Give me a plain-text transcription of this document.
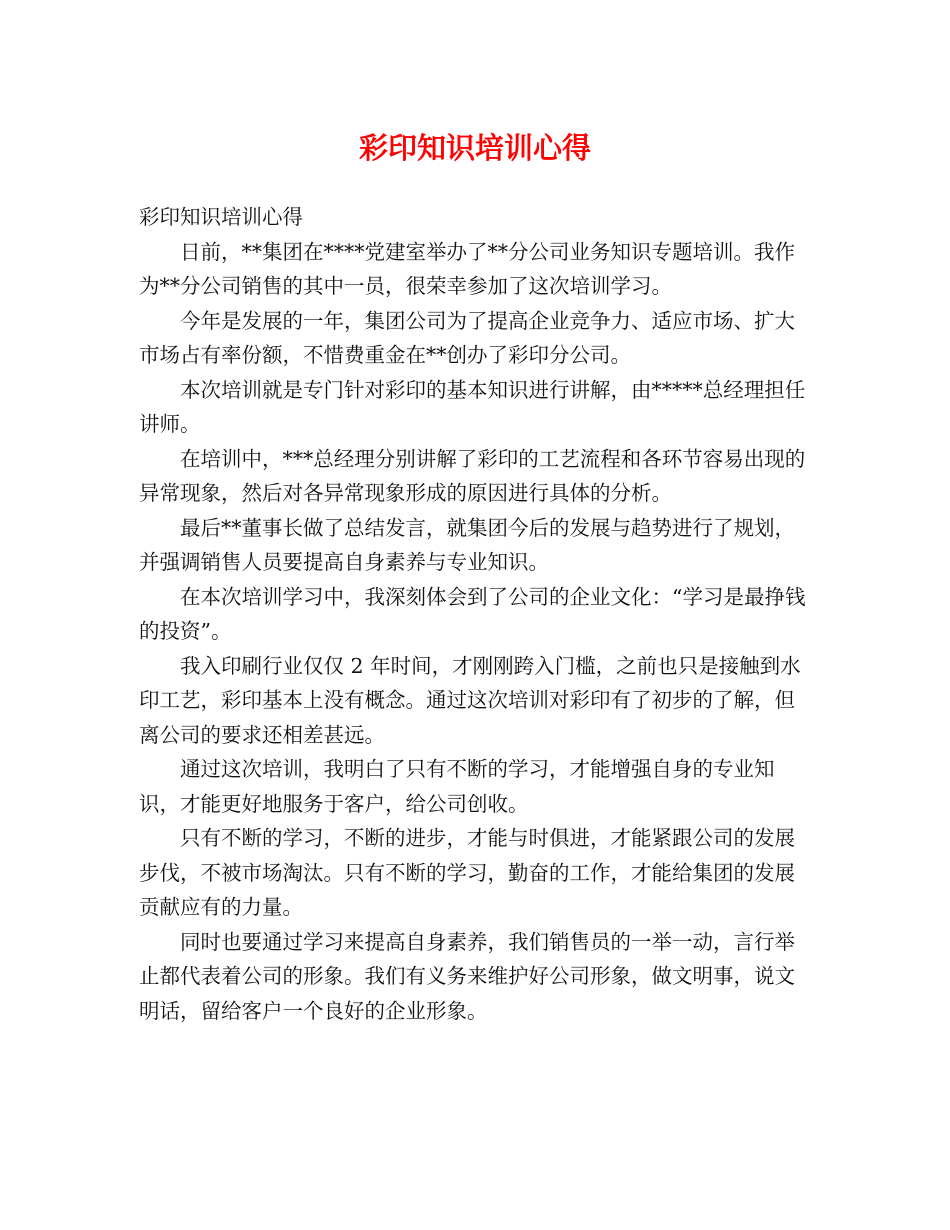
彩印知识培训心得

彩印知识培训心得

日前，**集团在****党建室举办了**分公司业务知识专题培训。我作为**分公司销售的其中一员，很荣幸参加了这次培训学习。

今年是发展的一年，集团公司为了提高企业竞争力、适应市场、扩大市场占有率份额，不惜费重金在**创办了彩印分公司。

本次培训就是专门针对彩印的基本知识进行讲解，由*****总经理担任讲师。

在培训中，***总经理分别讲解了彩印的工艺流程和各环节容易出现的异常现象，然后对各异常现象形成的原因进行具体的分析。

最后**董事长做了总结发言，就集团今后的发展与趋势进行了规划，并强调销售人员要提高自身素养与专业知识。

在本次培训学习中，我深刻体会到了公司的企业文化：“学习是最挣钱的投资”。

我入印刷行业仅仅 2 年时间，才刚刚跨入门槛，之前也只是接触到水印工艺，彩印基本上没有概念。通过这次培训对彩印有了初步的了解，但离公司的要求还相差甚远。

通过这次培训，我明白了只有不断的学习，才能增强自身的专业知识，才能更好地服务于客户，给公司创收。

只有不断的学习，不断的进步，才能与时俱进，才能紧跟公司的发展步伐，不被市场淘汰。只有不断的学习，勤奋的工作，才能给集团的发展贡献应有的力量。

同时也要通过学习来提高自身素养，我们销售员的一举一动，言行举止都代表着公司的形象。我们有义务来维护好公司形象，做文明事，说文明话，留给客户一个良好的企业形象。
